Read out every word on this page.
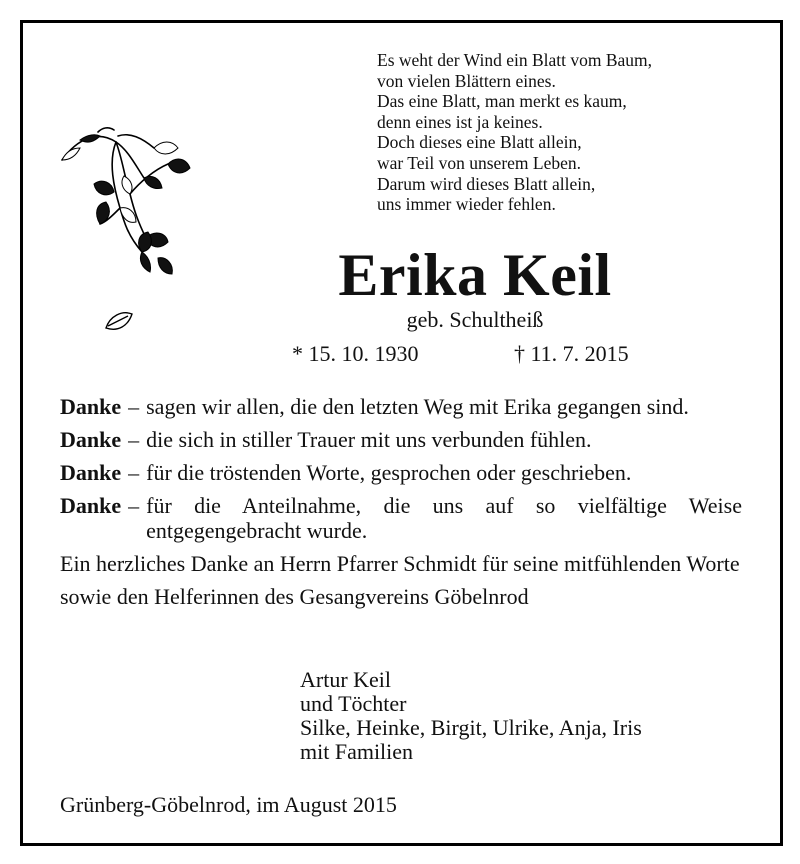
Es weht der Wind ein Blatt vom Baum,
von vielen Blättern eines.
Das eine Blatt, man merkt es kaum,
denn eines ist ja keines.
Doch dieses eine Blatt allein,
war Teil von unserem Leben.
Darum wird dieses Blatt allein,
uns immer wieder fehlen.
Erika Keil
geb. Schultheiß
* 15. 10. 1930	† 11. 7. 2015
Danke – sagen wir allen, die den letzten Weg mit Erika gegangen sind.
Danke – die sich in stiller Trauer mit uns verbunden fühlen.
Danke – für die tröstenden Worte, gesprochen oder geschrieben.
Danke – für die Anteilnahme, die uns auf so vielfältige Weise entgegengebracht wurde.
Ein herzliches Danke an Herrn Pfarrer Schmidt für seine mitfühlenden Worte
sowie den Helferinnen des Gesangvereins Göbelnrod
Artur Keil
und Töchter
Silke, Heinke, Birgit, Ulrike, Anja, Iris
mit Familien
Grünberg-Göbelnrod, im August 2015
